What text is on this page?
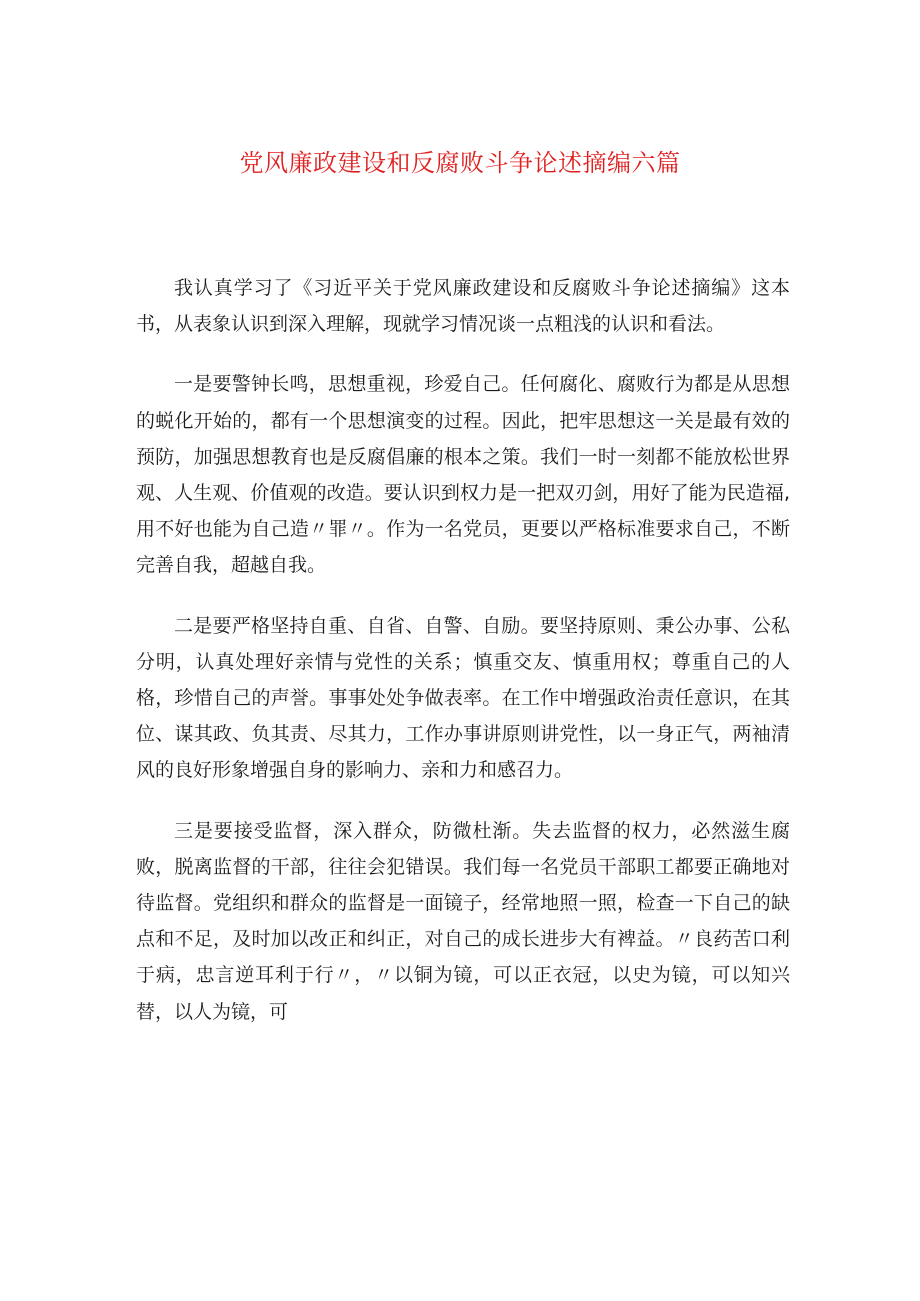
党风廉政建设和反腐败斗争论述摘编六篇

我认真学习了《习近平关于党风廉政建设和反腐败斗争论述摘编》这本书，从表象认识到深入理解，现就学习情况谈一点粗浅的认识和看法。

一是要警钟长鸣，思想重视，珍爱自己。任何腐化、腐败行为都是从思想的蜕化开始的，都有一个思想演变的过程。因此，把牢思想这一关是最有效的预防，加强思想教育也是反腐倡廉的根本之策。我们一时一刻都不能放松世界观、人生观、价值观的改造。要认识到权力是一把双刃剑，用好了能为民造福,用不好也能为自己造〃罪〃。作为一名党员，更要以严格标准要求自己，不断完善自我，超越自我。

二是要严格坚持自重、自省、自警、自励。要坚持原则、秉公办事、公私分明，认真处理好亲情与党性的关系；慎重交友、慎重用权；尊重自己的人格，珍惜自己的声誉。事事处处争做表率。在工作中增强政治责任意识，在其位、谋其政、负其责、尽其力，工作办事讲原则讲党性，以一身正气，两袖清风的良好形象增强自身的影响力、亲和力和感召力。

三是要接受监督，深入群众，防微杜渐。失去监督的权力，必然滋生腐败，脱离监督的干部，往往会犯错误。我们每一名党员干部职工都要正确地对待监督。党组织和群众的监督是一面镜子，经常地照一照，检查一下自己的缺点和不足，及时加以改正和纠正，对自己的成长进步大有裨益。〃良药苦口利于病，忠言逆耳利于行〃，〃以铜为镜，可以正衣冠，以史为镜，可以知兴替，以人为镜，可
